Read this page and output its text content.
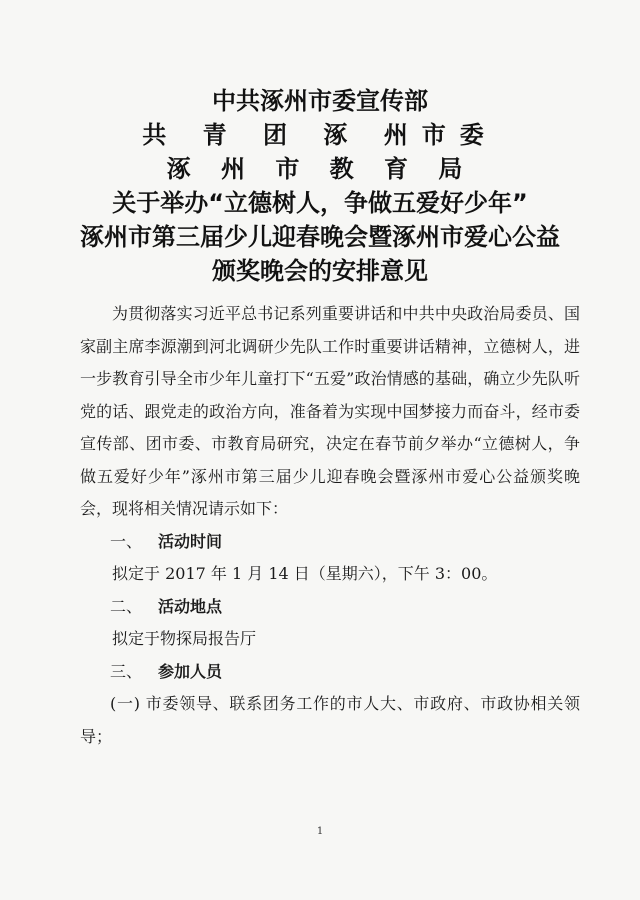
中共涿州市委宣传部
共 青 团 涿 州市委
涿 州 市 教 育 局
关于举办“立德树人，争做五爱好少年”
涿州市第三届少儿迎春晚会暨涿州市爱心公益
颁奖晚会的安排意见

为贯彻落实习近平总书记系列重要讲话和中共中央政治局委员、国家副主席李源潮到河北调研少先队工作时重要讲话精神，立德树人，进一步教育引导全市少年儿童打下“五爱”政治情感的基础，确立少先队听党的话、跟党走的政治方向，准备着为实现中国梦接力而奋斗，经市委宣传部、团市委、市教育局研究，决定在春节前夕举办“立德树人，争做五爱好少年”涿州市第三届少儿迎春晚会暨涿州市爱心公益颁奖晚会，现将相关情况请示如下：

一、 活动时间
拟定于 2017 年 1 月 14 日（星期六），下午 3：00。
二、 活动地点
拟定于物探局报告厅
三、 参加人员

(一) 市委领导、联系团务工作的市人大、市政府、市政协相关领导；

1
